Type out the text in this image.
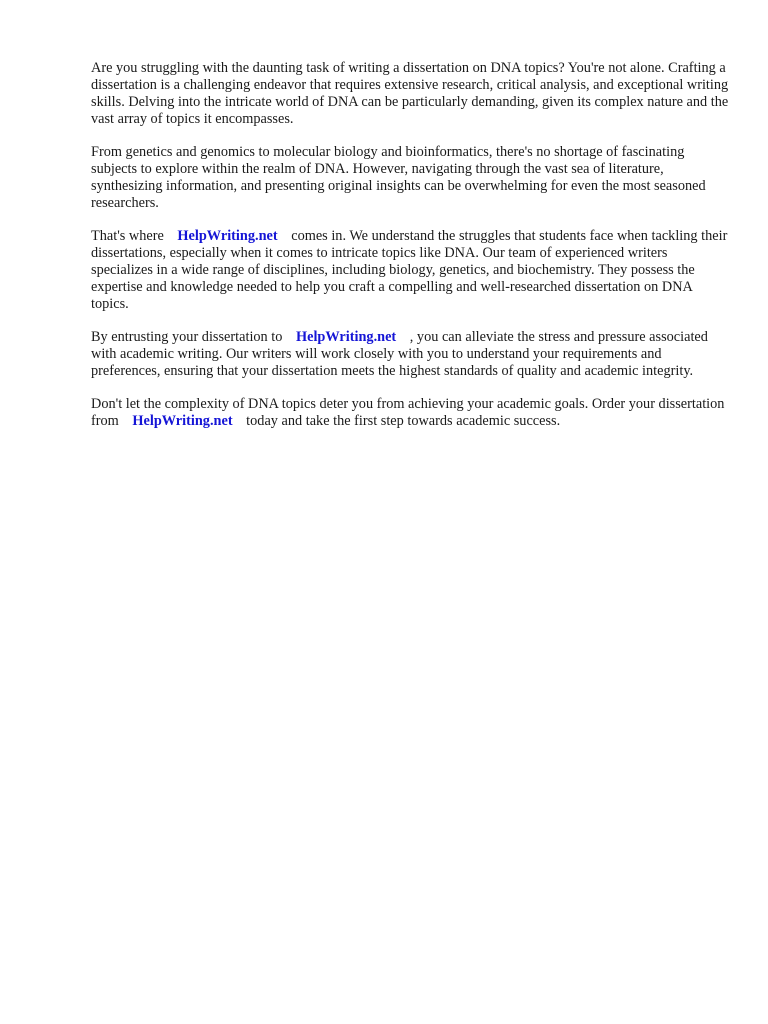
Are you struggling with the daunting task of writing a dissertation on DNA topics? You're not alone. Crafting a dissertation is a challenging endeavor that requires extensive research, critical analysis, and exceptional writing skills. Delving into the intricate world of DNA can be particularly demanding, given its complex nature and the vast array of topics it encompasses.

From genetics and genomics to molecular biology and bioinformatics, there's no shortage of fascinating subjects to explore within the realm of DNA. However, navigating through the vast sea of literature, synthesizing information, and presenting original insights can be overwhelming for even the most seasoned researchers.

That's where HelpWriting.net comes in. We understand the struggles that students face when tackling their dissertations, especially when it comes to intricate topics like DNA. Our team of experienced writers specializes in a wide range of disciplines, including biology, genetics, and biochemistry. They possess the expertise and knowledge needed to help you craft a compelling and well-researched dissertation on DNA topics.

By entrusting your dissertation to HelpWriting.net , you can alleviate the stress and pressure associated with academic writing. Our writers will work closely with you to understand your requirements and preferences, ensuring that your dissertation meets the highest standards of quality and academic integrity.

Don't let the complexity of DNA topics deter you from achieving your academic goals. Order your dissertation from HelpWriting.net today and take the first step towards academic success.
